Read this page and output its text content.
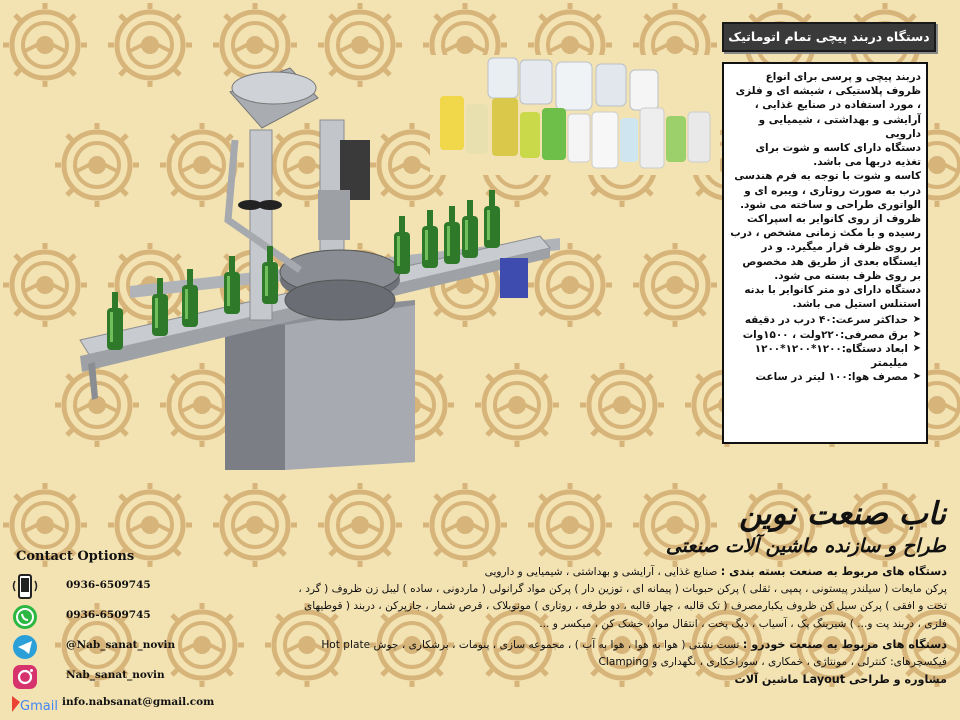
دستگاه دربند پیچی تمام اتوماتیک

دربند پیچی و پرسی برای انواع ظروف پلاستیکی ، شیشه ای و فلزی ، مورد استفاده در صنایع غذایی ، آرایشی و بهداشتی ، شیمیایی و دارویی

دستگاه دارای کاسه و شوت برای تغذیه دربها می باشد.

کاسه و شوت با توجه به فرم هندسی درب به صورت روتاری ، ویبره ای و الواتوری طراحی و ساخته می شود.

ظروف از روی کانوایر به اسپراکت رسیده و با مکث زمانی مشخص ، درب بر روی ظرف قرار میگیرد. و در ایستگاه بعدی از طریق هد مخصوص بر روی ظرف بسته می شود.

دستگاه دارای دو متر کانوایر با بدنه استنلس استیل می باشد.

➤
حداکثر سرعت:۴۰ درب در دقیقه
➤
برق مصرفی:۲۲۰ولت ، ۱۵۰۰وات
➤
ابعاد دستگاه:۱۲۰۰*۱۲۰۰*۱۲۰۰ میلیمتر
➤
مصرف هوا:۱۰۰ لیتر در ساعت
ناب صنعت نوین
طراح و سازنده ماشین آلات صنعتی
دستگاه های مربوط به صنعت بسته بندی : صنایع غذایی ، آرایشی و بهداشتی ، شیمیایی و دارویی
پرکن مایعات ( سیلندر پیستونی ، پمپی ، ثقلی ) پرکن حبوبات ( پیمانه ای ، توزین دار ) پرکن مواد گرانولی ( ماردونی ، ساده ) لیبل زن ظروف ( گرد ،
تخت و افقی ) پرکن سیل کن ظروف یکبارمصرف ( تک قالبه ، چهار قالبه ، دو طرفه ، روتاری ) مونوبلاک ، قرص شمار ، جارپرکن ، دربند ( قوطیهای
فلزی ، دربند پت و... ) شیرینگ پک ، آسیاب ، دیگ پخت ، انتقال مواد، خشک کن ، میکسر و ...
دستگاه های مربوط به صنعت خودرو : تست نشتی ( هوا به هوا ، هوا به آب ) ، مجموعه سازی ، پنومات ، برشکاری ، جوش Hot plate
فیکسچرهای: کنترلی ، مونتاژی ، خمکاری ، سوراخکاری ، نگهداری و Clamping
مشاوره و طراحی Layout ماشین آلات
Contact Options
0936-6509745
0936-6509745
@Nab_sanat_novin
Nab_sanat_novin
Gmail info.nabsanat@gmail.com
